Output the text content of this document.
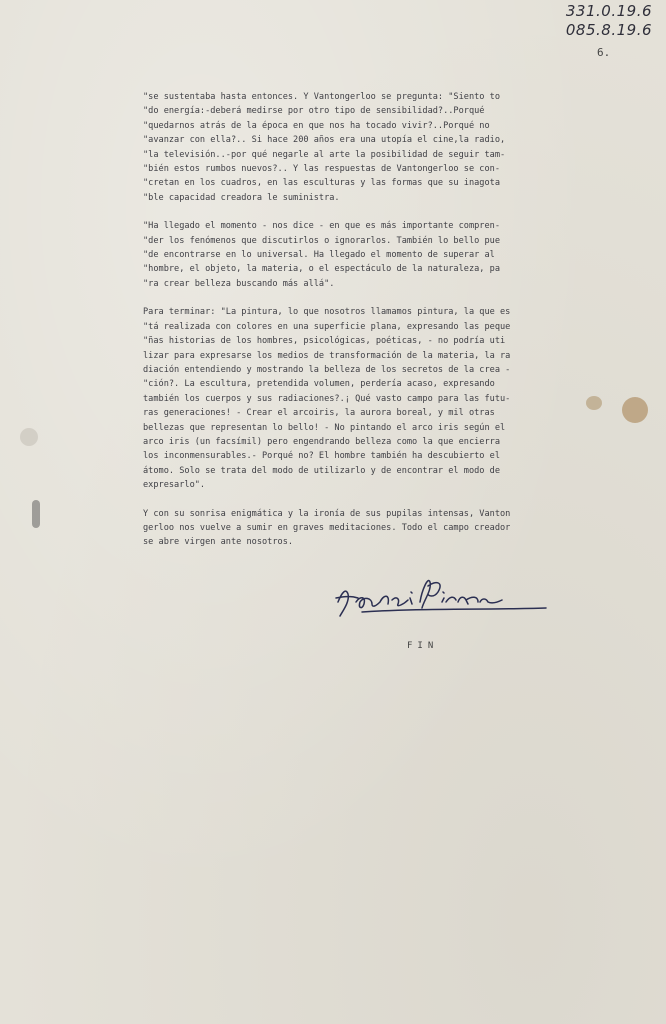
331.0.19.6
085.8.19.6
6.
"se sustentaba hasta entonces. Y Vantongerloo se pregunta: "Siento to
"do energía:-deberá medirse por otro tipo de sensibilidad?..Porqué
"quedarnos atrás de la época en que nos ha tocado vivir?..Porqué no
"avanzar con ella?.. Si hace 200 años era una utopía el cine,la radio,
"la televisión..-por qué negarle al arte la posibilidad de seguir tam-
"bién estos rumbos nuevos?.. Y las respuestas de Vantongerloo se con-
"cretan en los cuadros, en las esculturas y las formas que su inagota
"ble capacidad creadora le suministra.
"Ha llegado el momento - nos dice - en que es más importante compren-
"der los fenómenos que discutirlos o ignorarlos. También lo bello pue
"de encontrarse en lo universal. Ha llegado el momento de superar al
"hombre, el objeto, la materia, o el espectáculo de la naturaleza, pa
"ra crear belleza buscando más allá".
Para terminar: "La pintura, lo que nosotros llamamos pintura, la que es
"tá realizada con colores en una superficie plana, expresando las peque
"ñas historias de los hombres, psicológicas, poéticas, - no podría uti
lizar para expresarse los medios de transformación de la materia, la ra
diación entendiendo y mostrando la belleza de los secretos de la crea -
"ción?. La escultura, pretendida volumen, perdería acaso, expresando
también los cuerpos y sus radiaciones?.¡ Qué vasto campo para las futu-
ras generaciones! - Crear el arcoiris, la aurora boreal, y mil otras
bellezas que representan lo bello! - No pintando el arco iris según el
arco iris (un facsímil) pero engendrando belleza como la que encierra
los inconmensurables.- Porqué no? El hombre también ha descubierto el
átomo. Solo se trata del modo de utilizarlo y de encontrar el modo de
expresarlo".
Y con su sonrisa enigmática y la ironía de sus pupilas intensas, Vanton
gerloo nos vuelve a sumir en graves meditaciones. Todo el campo creador
se abre virgen ante nosotros.
FIN
